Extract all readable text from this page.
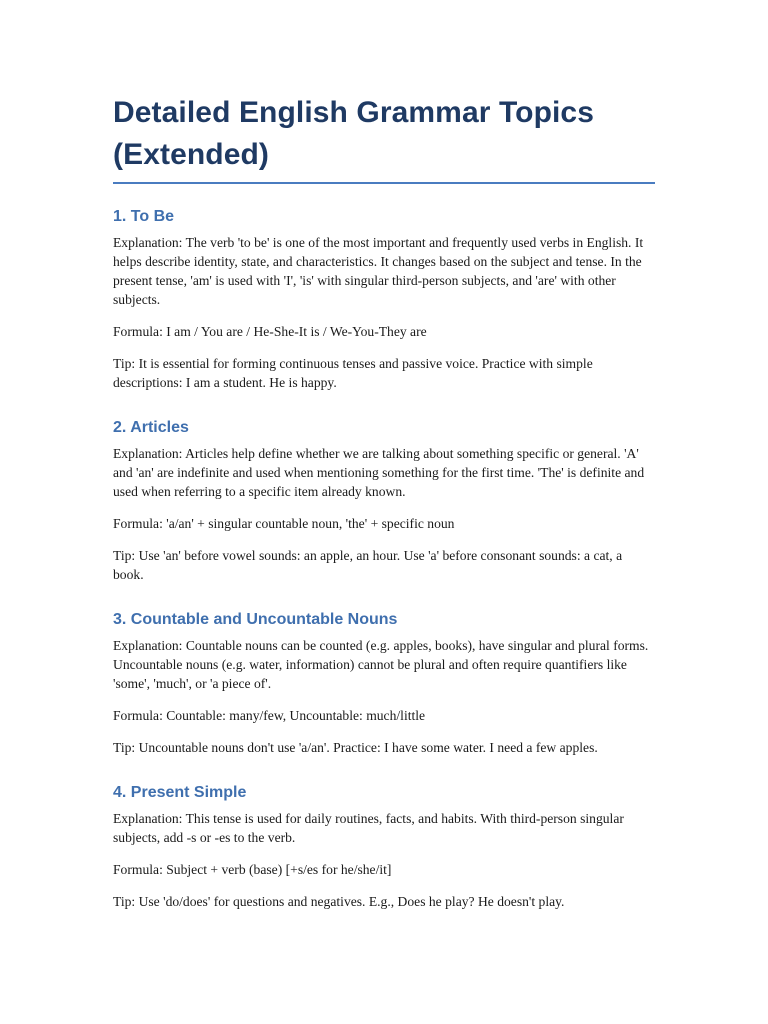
Detailed English Grammar Topics (Extended)
1. To Be

Explanation: The verb 'to be' is one of the most important and frequently used verbs in English. It helps describe identity, state, and characteristics. It changes based on the subject and tense. In the present tense, 'am' is used with 'I', 'is' with singular third-person subjects, and 'are' with other subjects.

Formula: I am / You are / He-She-It is / We-You-They are

Tip: It is essential for forming continuous tenses and passive voice. Practice with simple descriptions: I am a student. He is happy.

2. Articles

Explanation: Articles help define whether we are talking about something specific or general. 'A' and 'an' are indefinite and used when mentioning something for the first time. 'The' is definite and used when referring to a specific item already known.

Formula: 'a/an' + singular countable noun, 'the' + specific noun

Tip: Use 'an' before vowel sounds: an apple, an hour. Use 'a' before consonant sounds: a cat, a book.

3. Countable and Uncountable Nouns

Explanation: Countable nouns can be counted (e.g. apples, books), have singular and plural forms. Uncountable nouns (e.g. water, information) cannot be plural and often require quantifiers like 'some', 'much', or 'a piece of'.

Formula: Countable: many/few, Uncountable: much/little

Tip: Uncountable nouns don't use 'a/an'. Practice: I have some water. I need a few apples.

4. Present Simple

Explanation: This tense is used for daily routines, facts, and habits. With third-person singular subjects, add -s or -es to the verb.

Formula: Subject + verb (base) [+s/es for he/she/it]

Tip: Use 'do/does' for questions and negatives. E.g., Does he play? He doesn't play.
